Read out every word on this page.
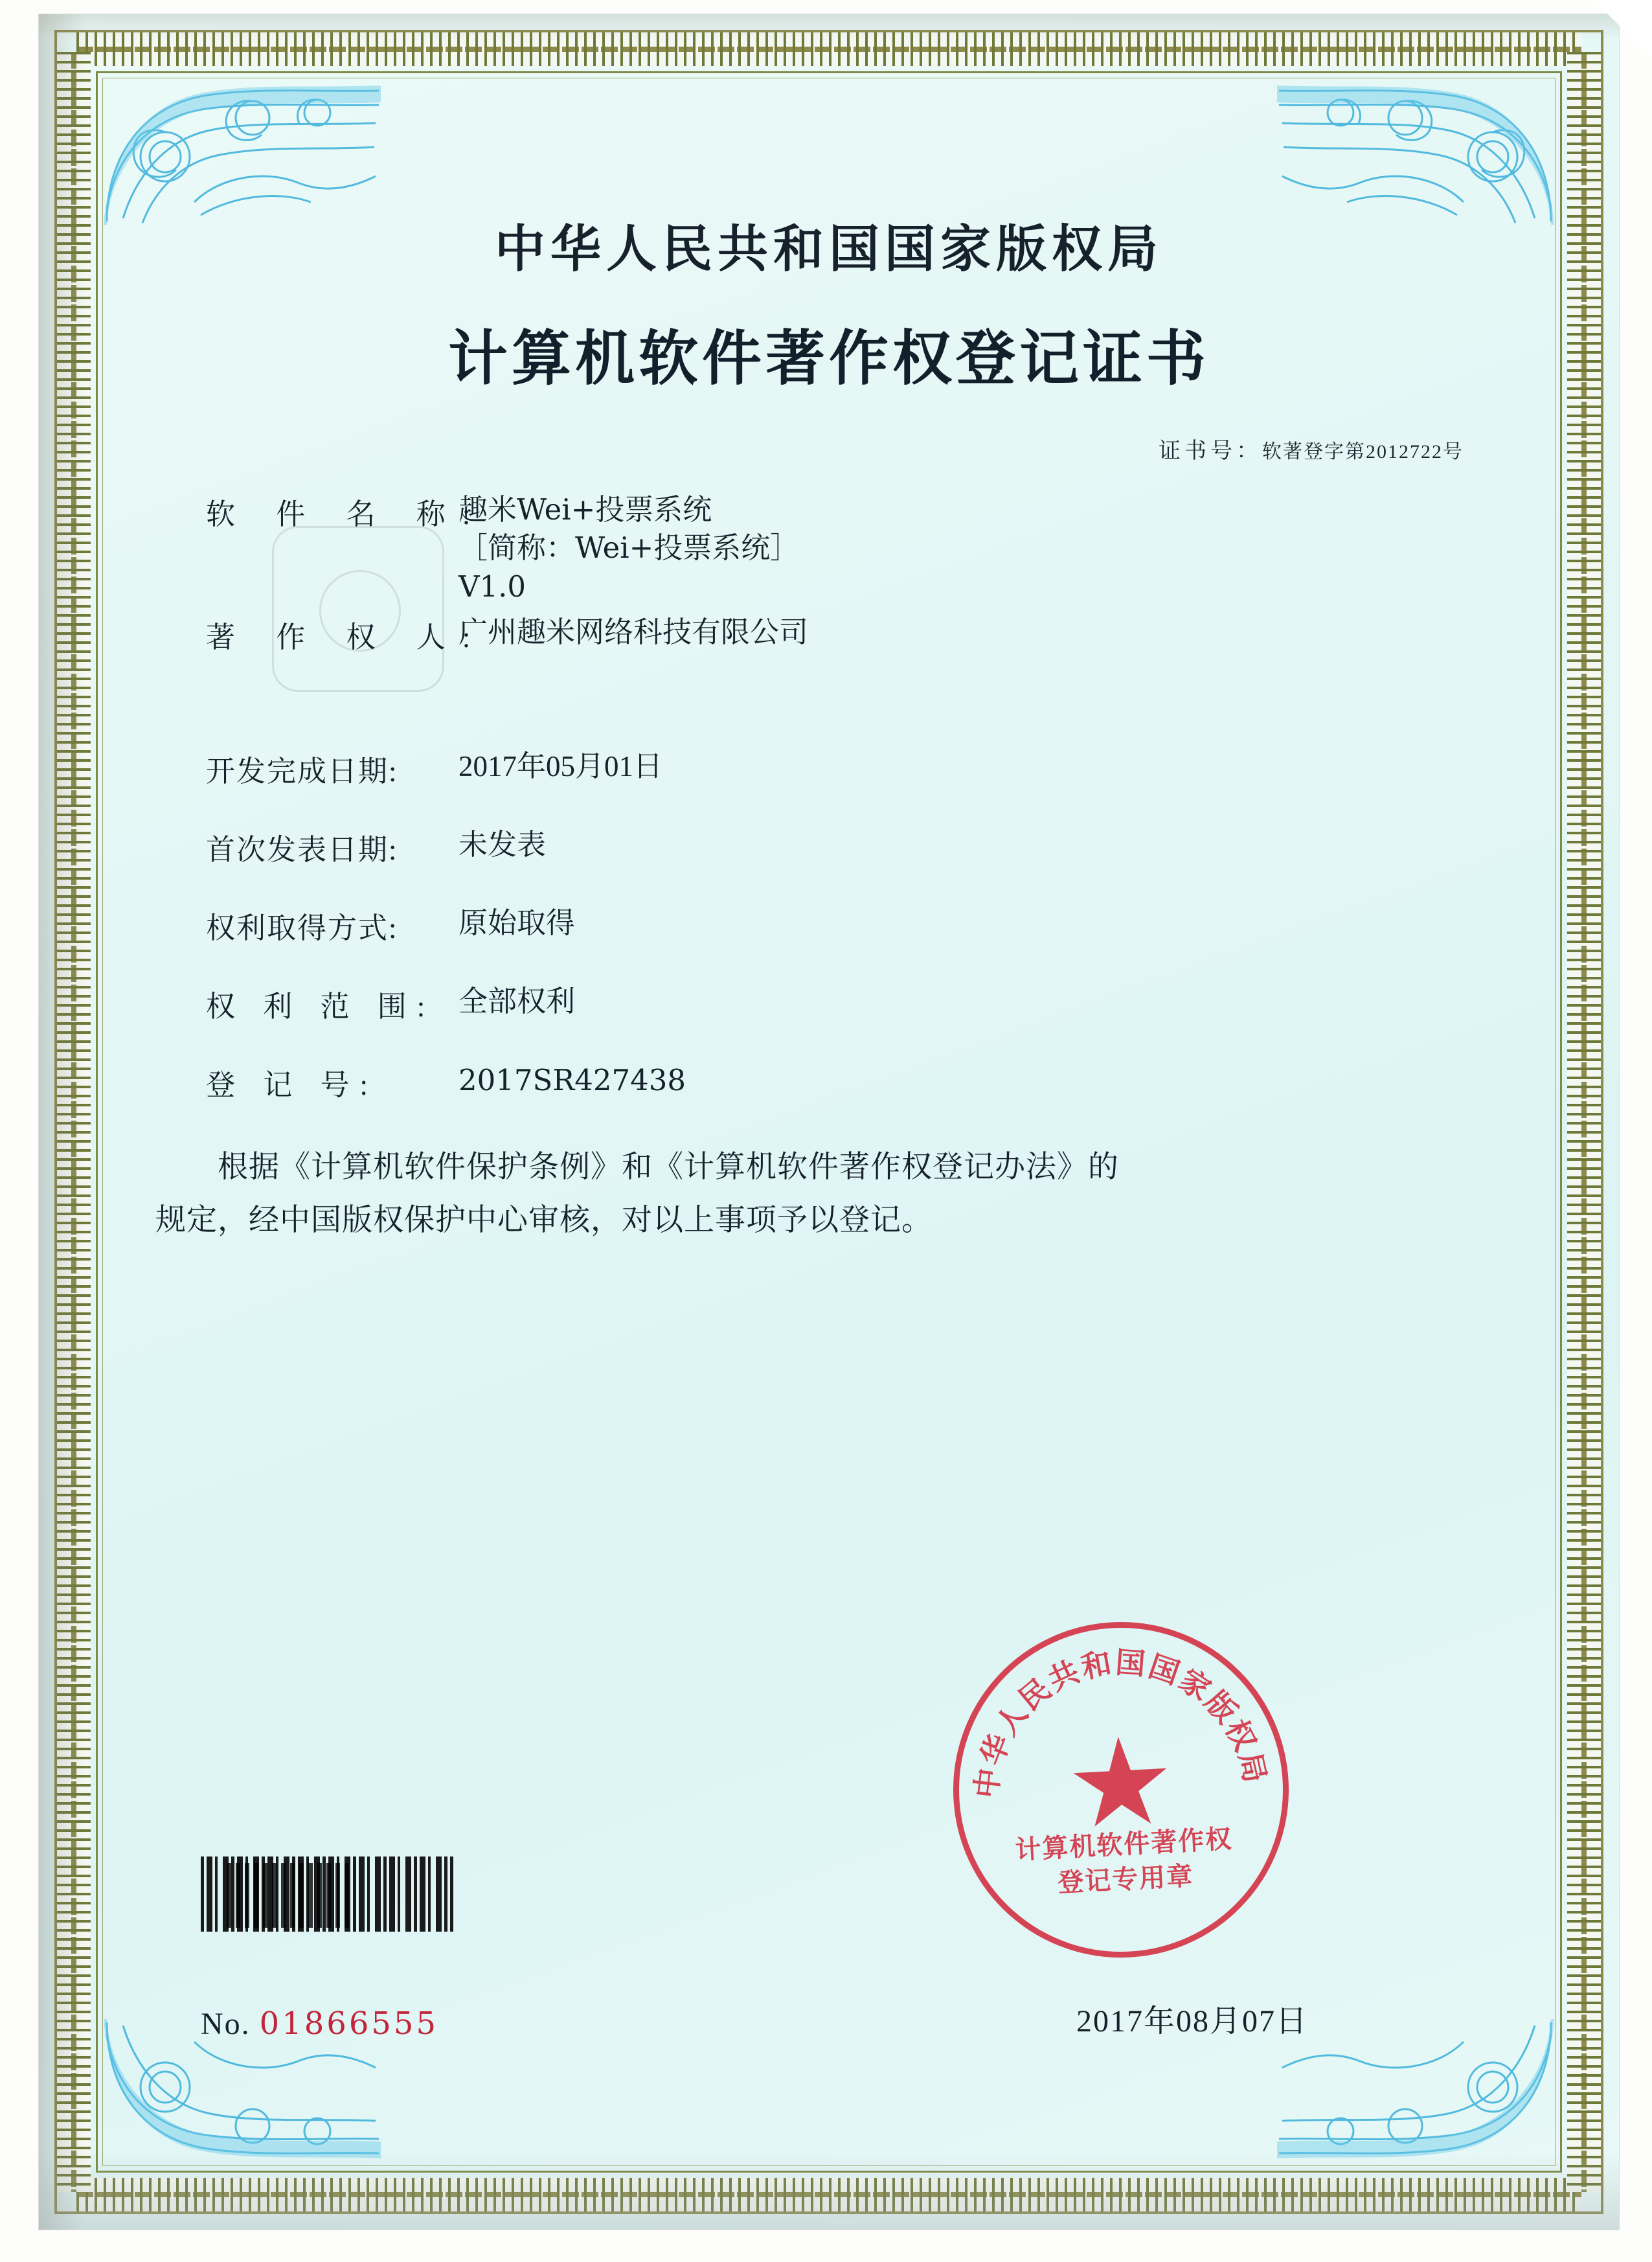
中华人民共和国国家版权局
计算机软件著作权登记证书
证书号：软著登字第2012722号
软 件 名 称:
趣米Wei+投票系统
［简称：Wei+投票系统］
V1.0
著 作 权 人:
广州趣米网络科技有限公司
开发完成日期:	2017年05月01日
首次发表日期:	未发表
权利取得方式:	原始取得
权 利 范 围: 全部权利
登 记 号:	2017SR427438
根据《计算机软件保护条例》和《计算机软件著作权登记办法》的
规定，经中国版权保护中心审核，对以上事项予以登记。
中华人民共和国国家版权局
计算机软件著作权
登记专用章
No. 01866555	2017年08月07日
